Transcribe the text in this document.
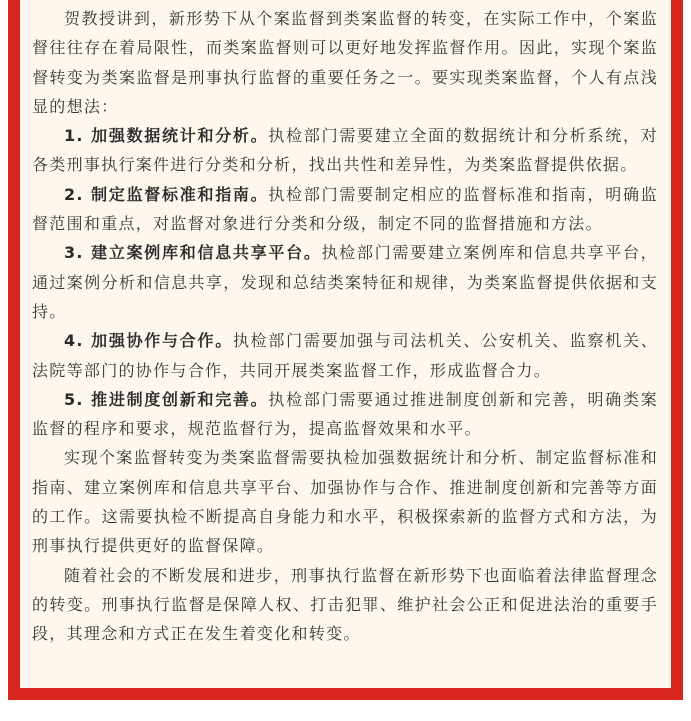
贺教授讲到，新形势下从个案监督到类案监督的转变，在实际工作中，个案监督往往存在着局限性，而类案监督则可以更好地发挥监督作用。因此，实现个案监督转变为类案监督是刑事执行监督的重要任务之一。要实现类案监督，个人有点浅显的想法：

1. 加强数据统计和分析。执检部门需要建立全面的数据统计和分析系统，对各类刑事执行案件进行分类和分析，找出共性和差异性，为类案监督提供依据。

2. 制定监督标准和指南。执检部门需要制定相应的监督标准和指南，明确监督范围和重点，对监督对象进行分类和分级，制定不同的监督措施和方法。

3. 建立案例库和信息共享平台。执检部门需要建立案例库和信息共享平台，通过案例分析和信息共享，发现和总结类案特征和规律，为类案监督提供依据和支持。

4. 加强协作与合作。执检部门需要加强与司法机关、公安机关、监察机关、法院等部门的协作与合作，共同开展类案监督工作，形成监督合力。

5. 推进制度创新和完善。执检部门需要通过推进制度创新和完善，明确类案监督的程序和要求，规范监督行为，提高监督效果和水平。

实现个案监督转变为类案监督需要执检加强数据统计和分析、制定监督标准和指南、建立案例库和信息共享平台、加强协作与合作、推进制度创新和完善等方面的工作。这需要执检不断提高自身能力和水平，积极探索新的监督方式和方法，为刑事执行提供更好的监督保障。

随着社会的不断发展和进步，刑事执行监督在新形势下也面临着法律监督理念的转变。刑事执行监督是保障人权、打击犯罪、维护社会公正和促进法治的重要手段，其理念和方式正在发生着变化和转变。
